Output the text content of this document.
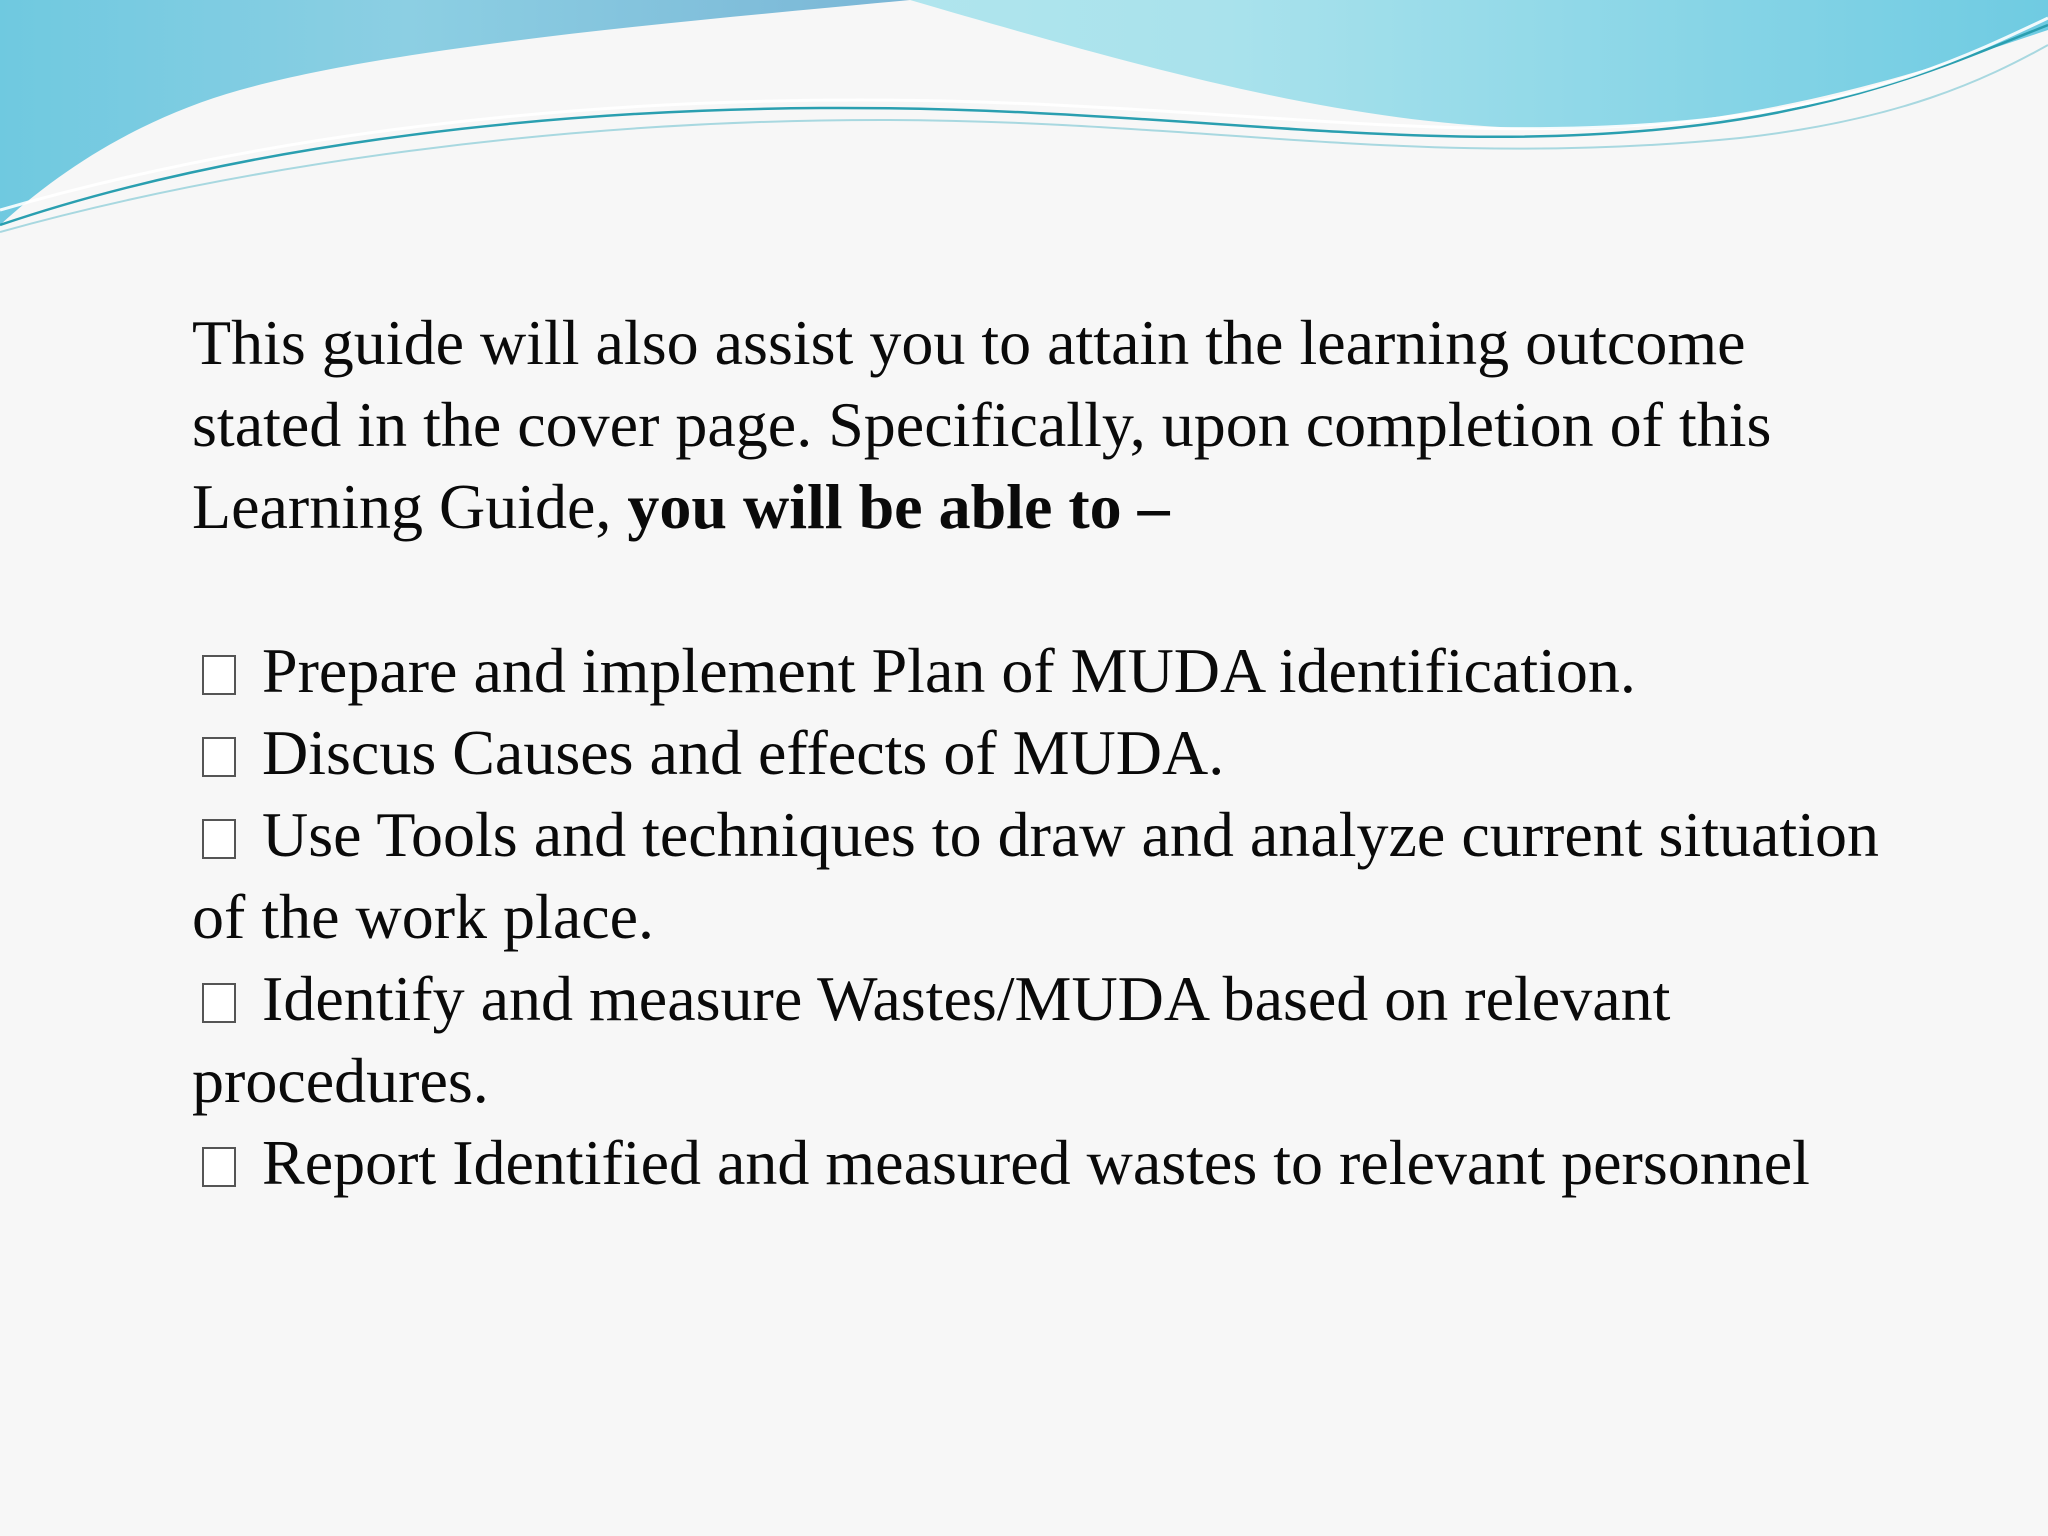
This guide will also assist you to attain the learning outcome stated in the cover page. Specifically, upon completion of this Learning Guide, you will be able to –

Prepare and implement Plan of MUDA identification.
Discus Causes and effects of MUDA.
Use Tools and techniques to draw and analyze current situation of the work place.
Identify and measure Wastes/MUDA based on relevant procedures.
Report Identified and measured wastes to relevant personnel
